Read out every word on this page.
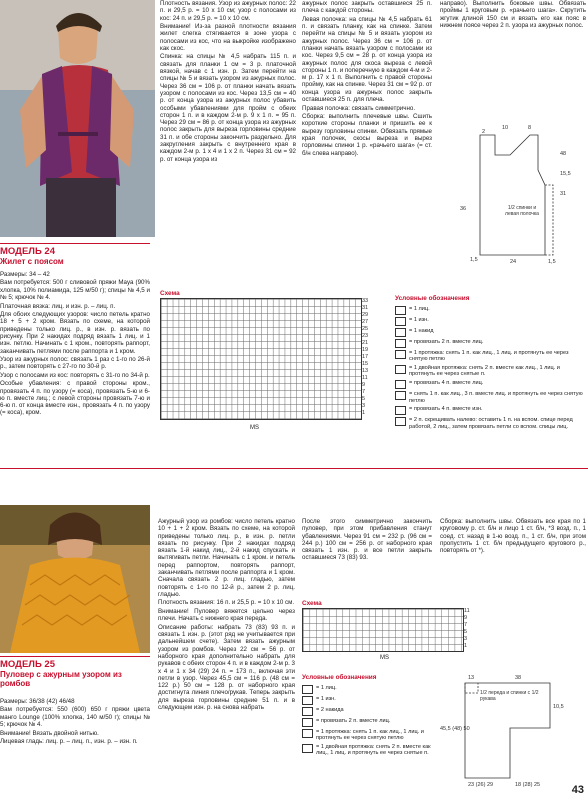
МОДЕЛЬ 24

Жилет с поясом

Размеры: 34 – 42

Вам потребуется: 500 г сливовой пряжи Maya (90% хлопка, 10% полиамида, 125 м/50 г); спицы № 4,5 и № 5; крючок № 4.

Платочная вязка: лиц. и изн. р. – лиц. п.

Для обоих следующих узоров: число петель кратно 18 + 5 + 2 кром. Вязать по схеме, на которой приведены только лиц. р., в изн. р. вязать по рисунку. При 2 накидах подряд вязать 1 лиц. и 1 изн. петлю. Начинать с 1 кром., повторять раппорт, заканчивать петлями после раппорта и 1 кром.

Узор из ажурных полос: связать 1 раз с 1-го по 26-й р., затем повторять с 27-го по 30-й р.

Узор с полосами из кос: повторять с 31-го по 34-й р.

Особые убавления: с правой стороны кром., провязать 4 п. по узору (= коса), провязать 5-ю и 6-ю п. вместе лиц.; с левой стороны провязать 7-ю и 6-ю п. от конца вместе изн., провязать 4 п. по узору (= коса), кром.

Плотность вязания. Узор из ажурных полос: 22 п. и 29,5 р. = 10 х 10 см; узор с полосами из кос: 24 п. и 29,5 р. = 10 х 10 см.

Внимание! Из-за разной плотности вязания жилет слегка стягивается в зоне узора с полосами из кос, что на выкройке изображено как скос.

Спинка: на спицы № 4,5 набрать 115 п. и связать для планки 1 см = 3 р. платочной вязкой, начав с 1 изн. р. Затем перейти на спицы № 5 и вязать узором из ажурных полос. Через 36 см = 106 р. от планки начать вязать узором с полосами из кос. Через 13,5 см = 40 р. от конца узора из ажурных полос убавить особыми убавлениями для пройм с обеих сторон 1 п. и в каждом 2-м р. 9 х 1 п. = 95 п. Через 29 см = 86 р. от конца узора из ажурных полос закрыть для выреза горловины средние 31 п. и обе стороны закончить раздельно. Для закругления закрыть с внутреннего края в каждом 2-м р. 1 х 4 и 1 х 2 п. Через 31 см = 92 р. от конца узора из

ажурных полос закрыть оставшиеся 25 п. плеча с каждой стороны.

Левая полочка: на спицы № 4,5 набрать 61 п. и связать планку, как на спинке. Затем перейти на спицы № 5 и вязать узором из ажурных полос. Через 36 см = 106 р. от планки начать вязать узором с полосами из кос. Через 9,5 см = 28 р. от конца узора из ажурных полос для скоса выреза с левой стороны 1 п. и поперечную в каждом 4-м и 2-м р. 17 х 1 п. Выполнить с правой стороны пройму, как на спинке. Через 31 см = 92 р. от конца узора из ажурных полос закрыть оставшиеся 25 п. для плеча.

Правая полочка: связать симметрично.

Сборка: выполнить плечевые швы. Сшить короткие стороны планки и пришить ее к вырезу горловины спинки. Обвязать прямые края полочек, скосы выреза и вырез горловины спинки 1 р. «рачьего шага» (= ст. б/н слева направо).

направо). Выполнить боковые швы. Обвязать проймы 1 круговым р. «рачьего шага». Скрутить жгутик длиной 150 см и вязать его как пояс в нижнем поясе через 2 п. узора из ажурных полос.

2
10	8
48
15,5
31
36
1,5	24	1,5
1/2 спинки и левая полочка
Схема
33
31
29
27
25
23
21
19
17
15
13
11
9
7
5
3
1
MS
Условные обозначения
= 1 лиц.
= 1 изн.
= 1 накид
= провязать 2 п. вместе лиц.
= 1 протяжка: снять 1 п. как лиц., 1 лиц. и протянуть ее через снятую петлю
= 1 двойная протяжка: снять 2 п. вместе как лиц., 1 лиц. и протянуть ее через снятые п.
= провязать 4 п. вместе лиц.
= снять 1 п. как лиц., 3 п. вместе лиц. и протянуть ее через снятую петлю
= провязать 4 п. вместе изн.
= 2 п. скрещивать налево: оставить 1 п. на вспом. спице перед работой, 2 лиц., затем провязать петли со вспом. спицы лиц.

МОДЕЛЬ 25

Пуловер с ажурным узором из ромбов

Размеры: 36/38 (42) 46/48

Вам потребуется: 550 (600) 650 г пряжи цвета манго Lounge (100% хлопка, 140 м/50 г); спицы № 5; крючок № 4.

Внимание! Вязать двойной нитью.

Лицевая гладь: лиц. р. – лиц. п., изн. р. – изн. п.

Ажурный узор из ромбов: число петель кратно 10 + 1 + 2 кром. Вязать по схеме, на которой приведены только лиц. р., в изн. р. петли вязать по рисунку. При 2 накидах подряд вязать 1-й накид лиц., 2-й накид спускать и вытягивать петли. Начинать с 1 кром. и петель перед раппортом, повторять раппорт, заканчивать петлями после раппорта и 1 кром. Сначала связать 2 р. лиц. гладью, затем повторять с 1-го по 12-й р., затем 2 р. лиц. гладью.

Плотность вязания: 16 п. и 25,5 р. = 10 х 10 см.

Внимание! Пуловер вяжется цельно через плечи. Начать с нижнего края переда.

Описание работы: набрать 73 (83) 93 п. и связать 1 изн. р. (этот ряд не учитывается при дальнейшем счете). Затем вязать ажурным узором из ромбов. Через 22 см = 56 р. от наборного края дополнительно набрать для рукавов с обеих сторон 4 п. и в каждом 2-м р. 3 х 4 и 1 х 34 (29) 24 п. = 173 п., включая эти петли в узор. Через 45,5 см = 116 р. (48 см = 122 р.) 50 см = 128 р. от наборного края достигнута линия плечо/рукав. Теперь закрыть для выреза горловины средние 51 п. и в следующем изн. р. на снова набрать

После этого симметрично закончить пуловер, при этом прибавления станут убавлениями. Через 91 см = 232 р. (96 см = 244 р.) 100 см = 256 р. от наборного края связать 1 изн. р. и все петли закрыть оставшиеся 73 (83) 93.

Сборка: выполнить швы. Обвязать все края по 1 круговому р. ст. б/н и лицо 1 ст. б/н, *3 возд. п., 1 соед. ст. назад в 1-ю возд. п., 1 ст. б/н, при этом пропустить 1 ст. б/н предыдущего кругового р., повторять от *).

Схема
11
9
7
5
3
1
MS
Условные обозначения
= 1 лиц.
= 1 изн.
= 2 накида
= провязать 2 п. вместе лиц.
= 1 протяжка: снять 1 п. как лиц., 1 лиц. и протянуть ее через снятую петлю
= 1 двойная протяжка: снять 2 п. вместе как лиц., 1 лиц. и протянуть ее через снятые п.
13	38
45,5 (48) 50
10,5
23 (26) 29	18 (28) 25
1/2 переда и спинки с 1/2 рукава
43
